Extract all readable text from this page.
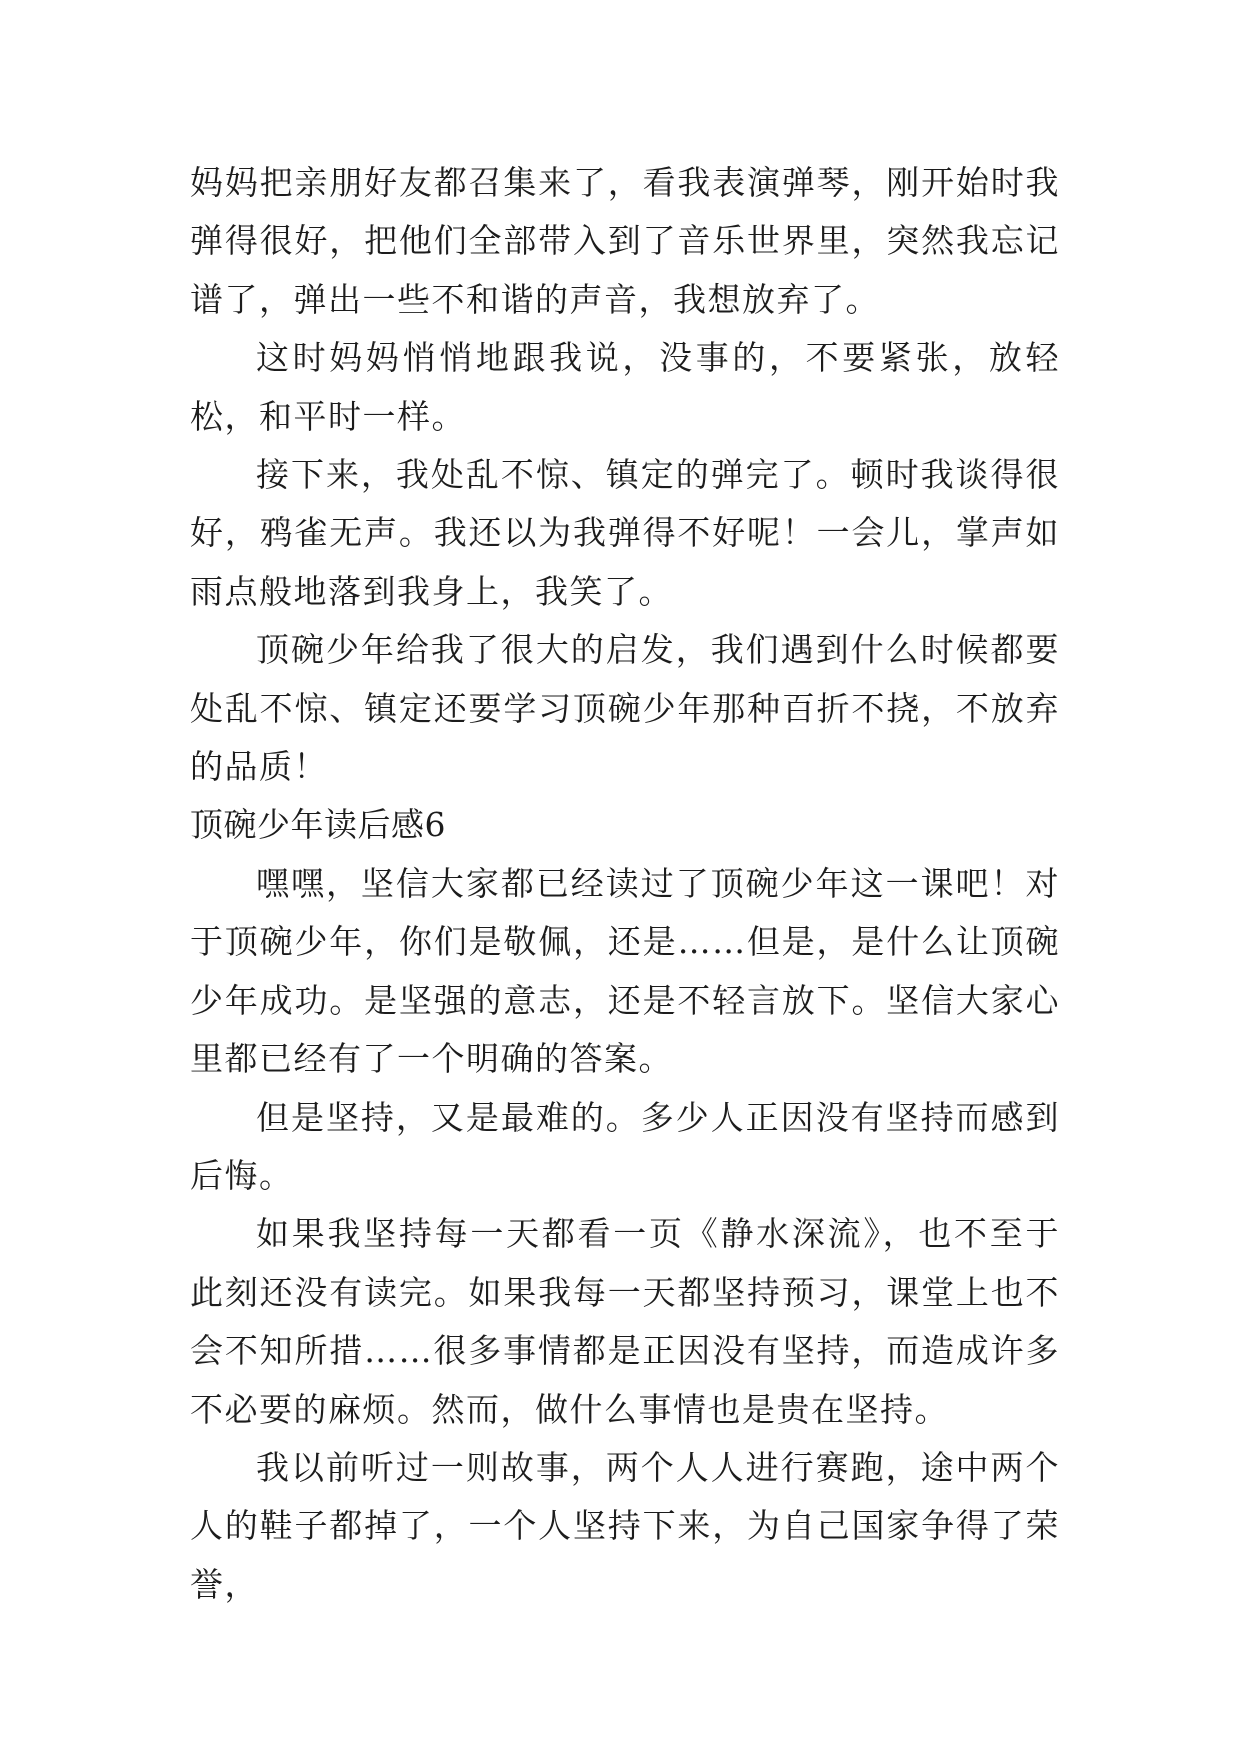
妈妈把亲朋好友都召集来了，看我表演弹琴，刚开始时我弹得很好，把他们全部带入到了音乐世界里，突然我忘记谱了，弹出一些不和谐的声音，我想放弃了。

这时妈妈悄悄地跟我说，没事的，不要紧张，放轻松，和平时一样。

接下来，我处乱不惊、镇定的弹完了。顿时我谈得很好，鸦雀无声。我还以为我弹得不好呢！一会儿，掌声如雨点般地落到我身上，我笑了。

顶碗少年给我了很大的启发，我们遇到什么时候都要处乱不惊、镇定还要学习顶碗少年那种百折不挠，不放弃的品质！

顶碗少年读后感6

嘿嘿，坚信大家都已经读过了顶碗少年这一课吧！对于顶碗少年，你们是敬佩，还是……但是，是什么让顶碗少年成功。是坚强的意志，还是不轻言放下。坚信大家心里都已经有了一个明确的答案。

但是坚持，又是最难的。多少人正因没有坚持而感到后悔。

如果我坚持每一天都看一页《静水深流》，也不至于此刻还没有读完。如果我每一天都坚持预习，课堂上也不会不知所措……很多事情都是正因没有坚持，而造成许多不必要的麻烦。然而，做什么事情也是贵在坚持。

我以前听过一则故事，两个人人进行赛跑，途中两个人的鞋子都掉了，一个人坚持下来，为自己国家争得了荣誉，
